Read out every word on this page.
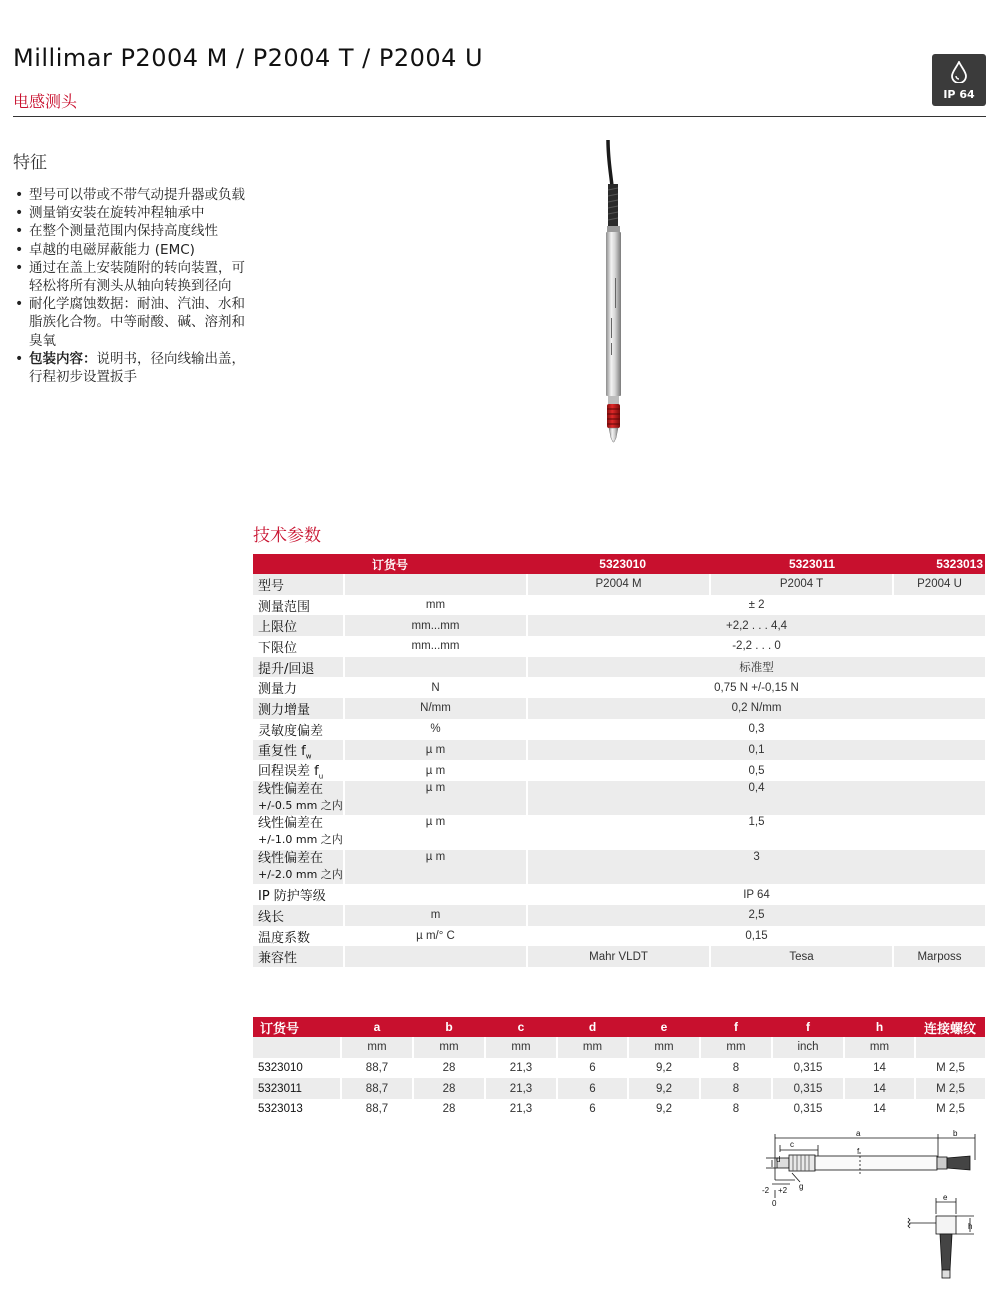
Millimar P2004 M / P2004 T / P2004 U
电感测头	IP 64
特征
• 型号可以带或不带气动提升器或负载
• 测量销安装在旋转冲程轴承中
• 在整个测量范围内保持高度线性
• 卓越的电磁屏蔽能力 (EMC)
• 通过在盖上安装随附的转向装置，可轻松将所有测头从轴向转换到径向
• 耐化学腐蚀数据：耐油、汽油、水和脂族化合物。中等耐酸、碱、溶剂和臭氧
• 包装内容：说明书，径向线输出盖，行程初步设置扳手
技术参数
订货号		5323010	5323011	5323013
型号		P2004 M	P2004 T	P2004 U
测量范围	mm	± 2		
上限位	mm...mm	+2,2 . . . 4,4		
下限位	mm...mm	-2,2 . . . 0		
提升/回退		标准型		
测量力	N	0,75 N +/-0,15 N		
测力增量	N/mm	0,2 N/mm		
灵敏度偏差	%	0,3		
重复性 $f_w$	µ m	0,1		
回程误差 $f_u$	µ m	0,5		
线性偏差在
+/-0.5 mm 之内	µ m	0,4		
线性偏差在
+/-1.0 mm 之内	µ m	1,5		
线性偏差在
+/-2.0 mm 之内	µ m	3		
IP 防护等级		IP 64		
线长	m	2,5		
温度系数	µ m/° C	0,15		
兼容性		Mahr VLDT	Tesa	Marposs
订货号	a	b	c	d	e	f	f	h	连接螺纹
	mm	mm	mm	mm	mm	mm	inch	mm	
5323010	88,7	28	21,3	6	9,2	8	0,315	14	M 2,5
5323011	88,7	28	21,3	6	9,2	8	0,315	14	M 2,5
5323013	88,7	28	21,3	6	9,2	8	0,315	14	M 2,5
a	b
c
d
f
g
-2 +2
0
e
h
